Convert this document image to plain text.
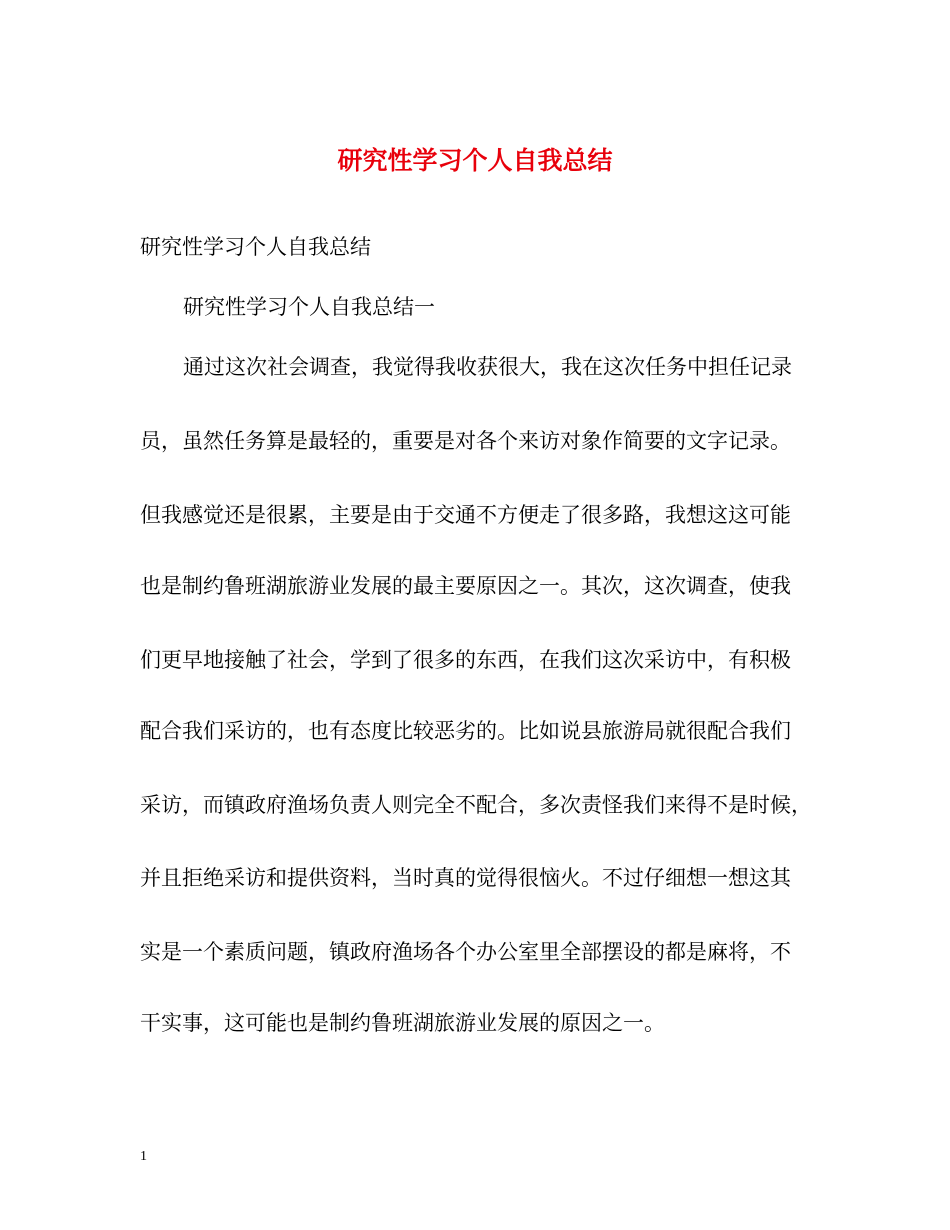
研究性学习个人自我总结
研究性学习个人自我总结
研究性学习个人自我总结一
通过这次社会调查，我觉得我收获很大，我在这次任务中担任记录
员，虽然任务算是最轻的，重要是对各个来访对象作简要的文字记录。
但我感觉还是很累，主要是由于交通不方便走了很多路，我想这这可能
也是制约鲁班湖旅游业发展的最主要原因之一。其次，这次调查，使我
们更早地接触了社会，学到了很多的东西，在我们这次采访中，有积极
配合我们采访的，也有态度比较恶劣的。比如说县旅游局就很配合我们
采访，而镇政府渔场负责人则完全不配合，多次责怪我们来得不是时候，
并且拒绝采访和提供资料，当时真的觉得很恼火。不过仔细想一想这其
实是一个素质问题，镇政府渔场各个办公室里全部摆设的都是麻将，不
干实事，这可能也是制约鲁班湖旅游业发展的原因之一。
1
